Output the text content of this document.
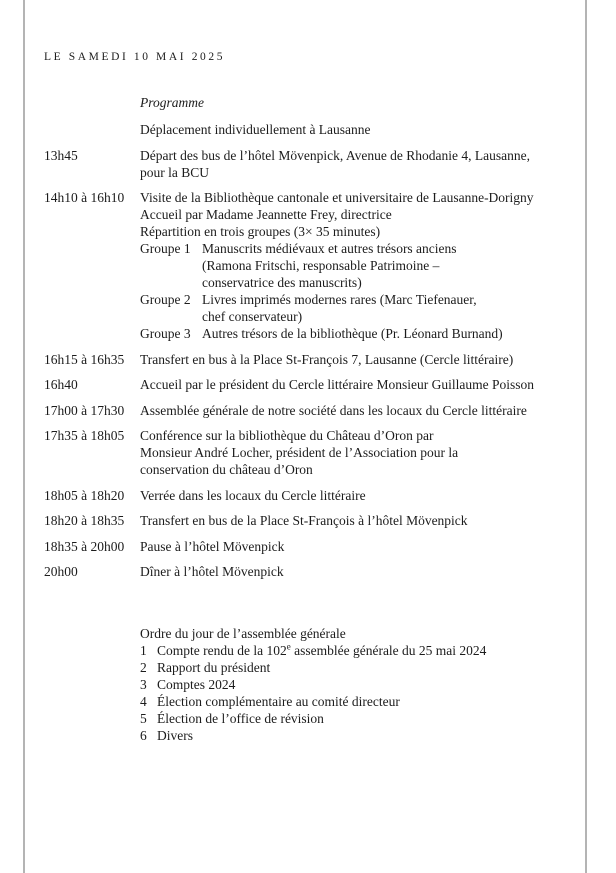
LE SAMEDI 10 MAI 2025
Programme
Déplacement individuellement à Lausanne
13h45	Départ des bus de l’hôtel Mövenpick, Avenue de Rhodanie 4, Lausanne,
pour la BCU
14h10 à 16h10	Visite de la Bibliothèque cantonale et universitaire de Lausanne-Dorigny
Accueil par Madame Jeannette Frey, directrice
Répartition en trois groupes (3× 35 minutes)
Groupe 1 Manuscrits médiévaux et autres trésors anciens
(Ramona Fritschi, responsable Patrimoine –
conservatrice des manuscrits)
Groupe 2 Livres imprimés modernes rares (Marc Tiefenauer,
chef conservateur)
Groupe 3 Autres trésors de la bibliothèque (Pr. Léonard Burnand)
16h15 à 16h35	Transfert en bus à la Place St-François 7, Lausanne (Cercle littéraire)
16h40	Accueil par le président du Cercle littéraire Monsieur Guillaume Poisson
17h00 à 17h30	Assemblée générale de notre société dans les locaux du Cercle littéraire
17h35 à 18h05	Conférence sur la bibliothèque du Château d’Oron par
Monsieur André Locher, président de l’Association pour la
conservation du château d’Oron
18h05 à 18h20	Verrée dans les locaux du Cercle littéraire
18h20 à 18h35	Transfert en bus de la Place St-François à l’hôtel Mövenpick
18h35 à 20h00	Pause à l’hôtel Mövenpick
20h00	Dîner à l’hôtel Mövenpick
Ordre du jour de l’assemblée générale
1 Compte rendu de la 102e assemblée générale du 25 mai 2024
2 Rapport du président
3 Comptes 2024
4 Élection complémentaire au comité directeur
5 Élection de l’office de révision
6 Divers
